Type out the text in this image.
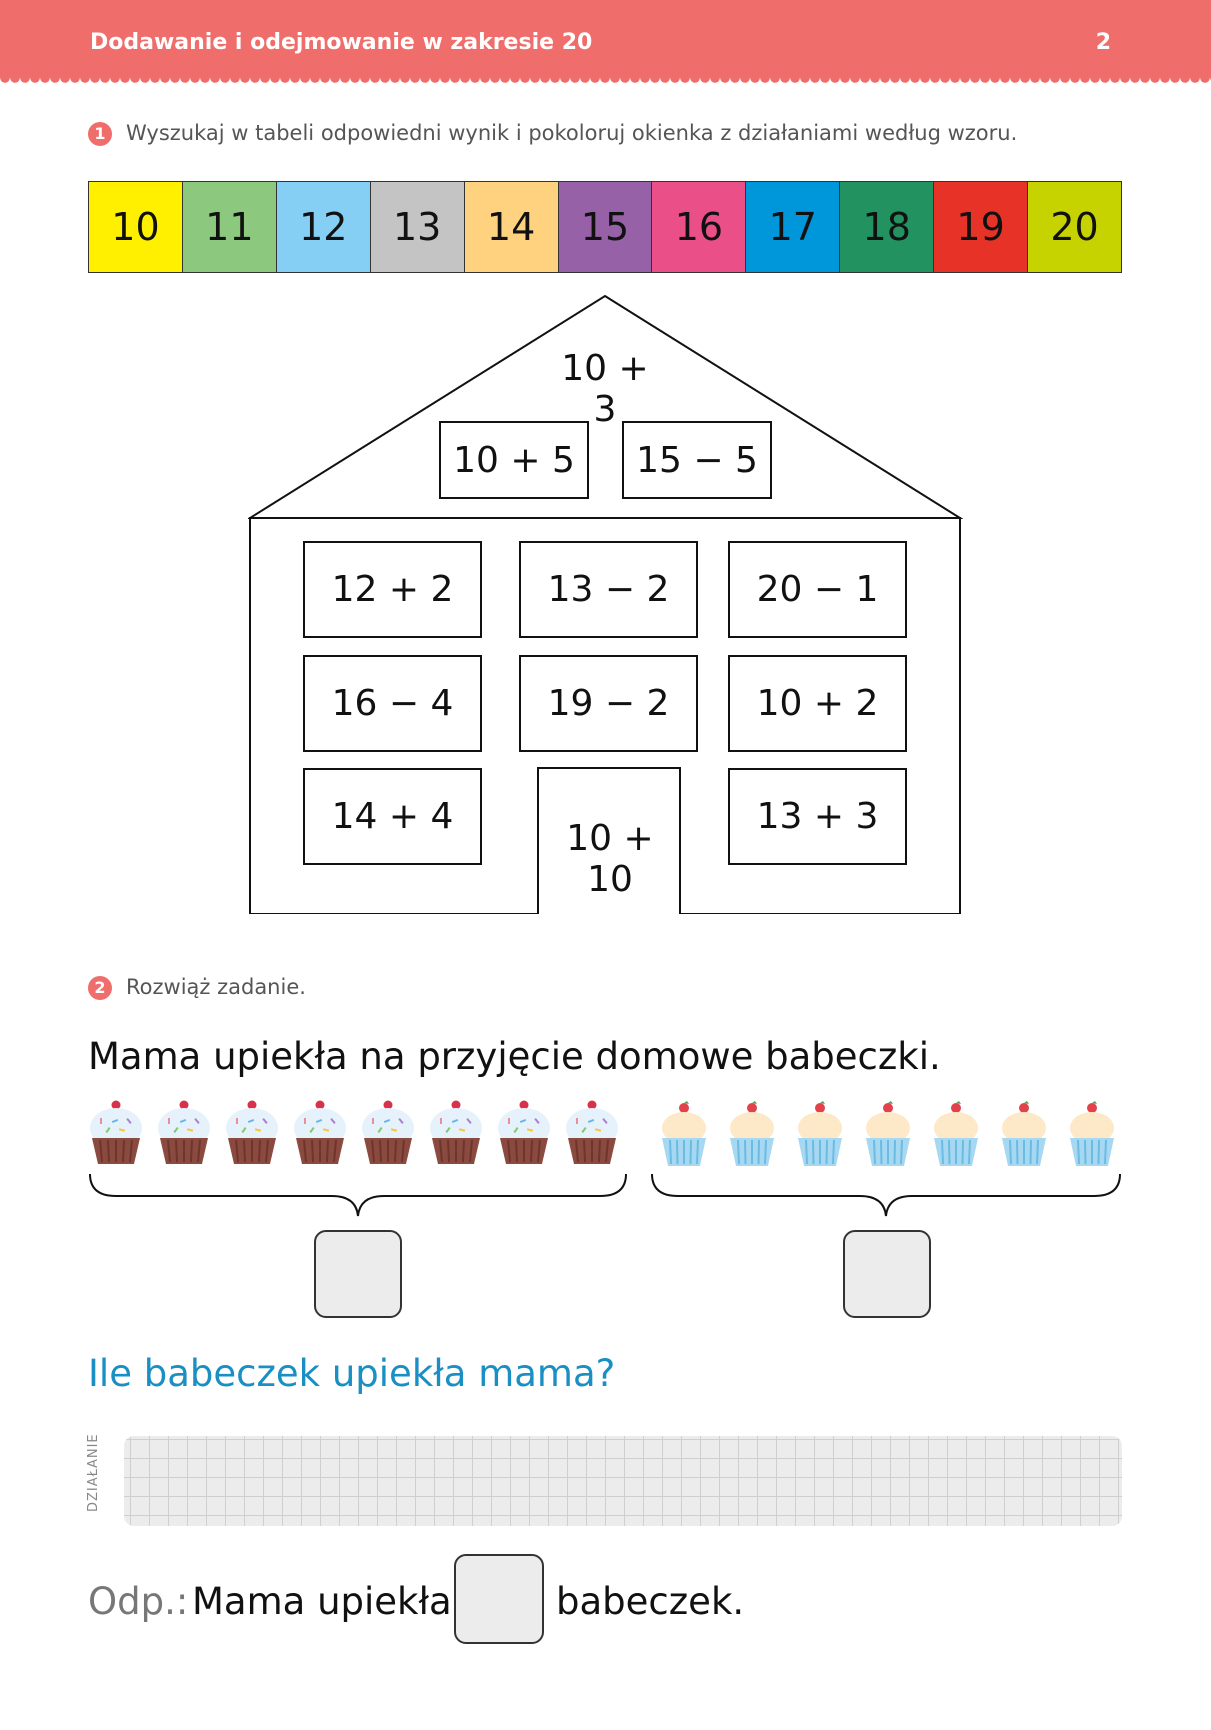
Dodawanie i odejmowanie w zakresie 20	2
1 Wyszukaj w tabeli odpowiedni wynik i pokoloruj okienka z działaniami według wzoru.
10	11	12	13	14	15	16	17	18	19	20
10 + 3
10 + 5	15 − 5
12 + 2	13 − 2	20 − 1
16 − 4	19 − 2	10 + 2
14 + 4	13 + 3
10 + 10
2 Rozwiąż zadanie.
Mama upiekła na przyjęcie domowe babeczki.
Ile babeczek upiekła mama?
DZIAŁANIE
Odp.: Mama upiekła	babeczek.
